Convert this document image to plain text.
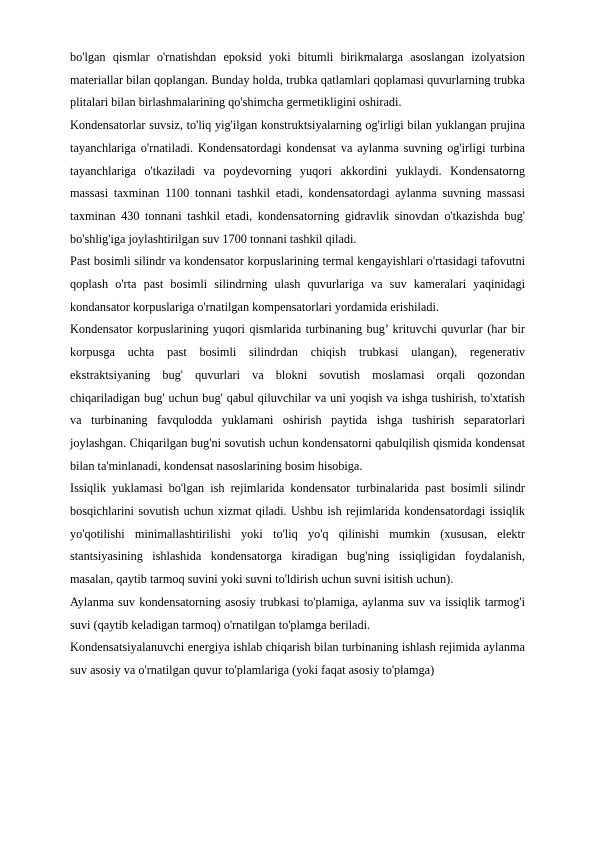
bo'lgan qismlar o'rnatishdan epoksid yoki bitumli birikmalarga asoslangan izolyatsion materiallar bilan qoplangan. Bunday holda, trubka qatlamlari qoplamasi quvurlarning trubka plitalari bilan birlashmalarining qo'shimcha germetikligini oshiradi.

Kondensatorlar suvsiz, to'liq yig'ilgan konstruktsiyalarning og'irligi bilan yuklangan prujina tayanchlariga o'rnatiladi. Kondensatordagi kondensat va aylanma suvning og'irligi turbina tayanchlariga o'tkaziladi va poydevorning yuqori akkordini yuklaydi. Kondensatorng massasi taxminan 1100 tonnani tashkil etadi, kondensatordagi aylanma suvning massasi taxminan 430 tonnani tashkil etadi, kondensatorning gidravlik sinovdan o'tkazishda bug' bo'shlig'iga joylashtirilgan suv 1700 tonnani tashkil qiladi.

Past bosimli silindr va kondensator korpuslarining termal kengayishlari o'rtasidagi tafovutni qoplash o'rta past bosimli silindrning ulash quvurlariga va suv kameralari yaqinidagi kondansator korpuslariga o'rnatilgan kompensatorlari yordamida erishiladi.

Kondensator korpuslarining yuqori qismlarida turbinaning bug’ krituvchi quvurlar (har bir korpusga uchta past bosimli silindrdan chiqish trubkasi ulangan), regenerativ ekstraktsiyaning bug' quvurlari va blokni sovutish moslamasi orqali qozondan chiqariladigan bug' uchun bug' qabul qiluvchilar va uni yoqish va ishga tushirish, to'xtatish va turbinaning favqulodda yuklamani oshirish paytida ishga tushirish separatorlari joylashgan. Chiqarilgan bug'ni sovutish uchun kondensatorni qabulqilish qismida kondensat bilan ta'minlanadi, kondensat nasoslarining bosim hisobiga.

Issiqlik yuklamasi bo'lgan ish rejimlarida kondensator turbinalarida past bosimli silindr bosqichlarini sovutish uchun xizmat qiladi. Ushbu ish rejimlarida kondensatordagi issiqlik yo'qotilishi minimallashtirilishi yoki to'liq yo'q qilinishi mumkin (xususan, elektr stantsiyasining ishlashida kondensatorga kiradigan bug'ning issiqligidan foydalanish, masalan, qaytib tarmoq suvini yoki suvni to'ldirish uchun suvni isitish uchun).

Aylanma suv kondensatorning asosiy trubkasi to'plamiga, aylanma suv va issiqlik tarmog'i suvi (qaytib keladigan tarmoq) o'rnatilgan to'plamga beriladi.

Kondensatsiyalanuvchi energiya ishlab chiqarish bilan turbinaning ishlash rejimida aylanma suv asosiy va o'rnatilgan quvur to'plamlariga (yoki faqat asosiy to'plamga)
